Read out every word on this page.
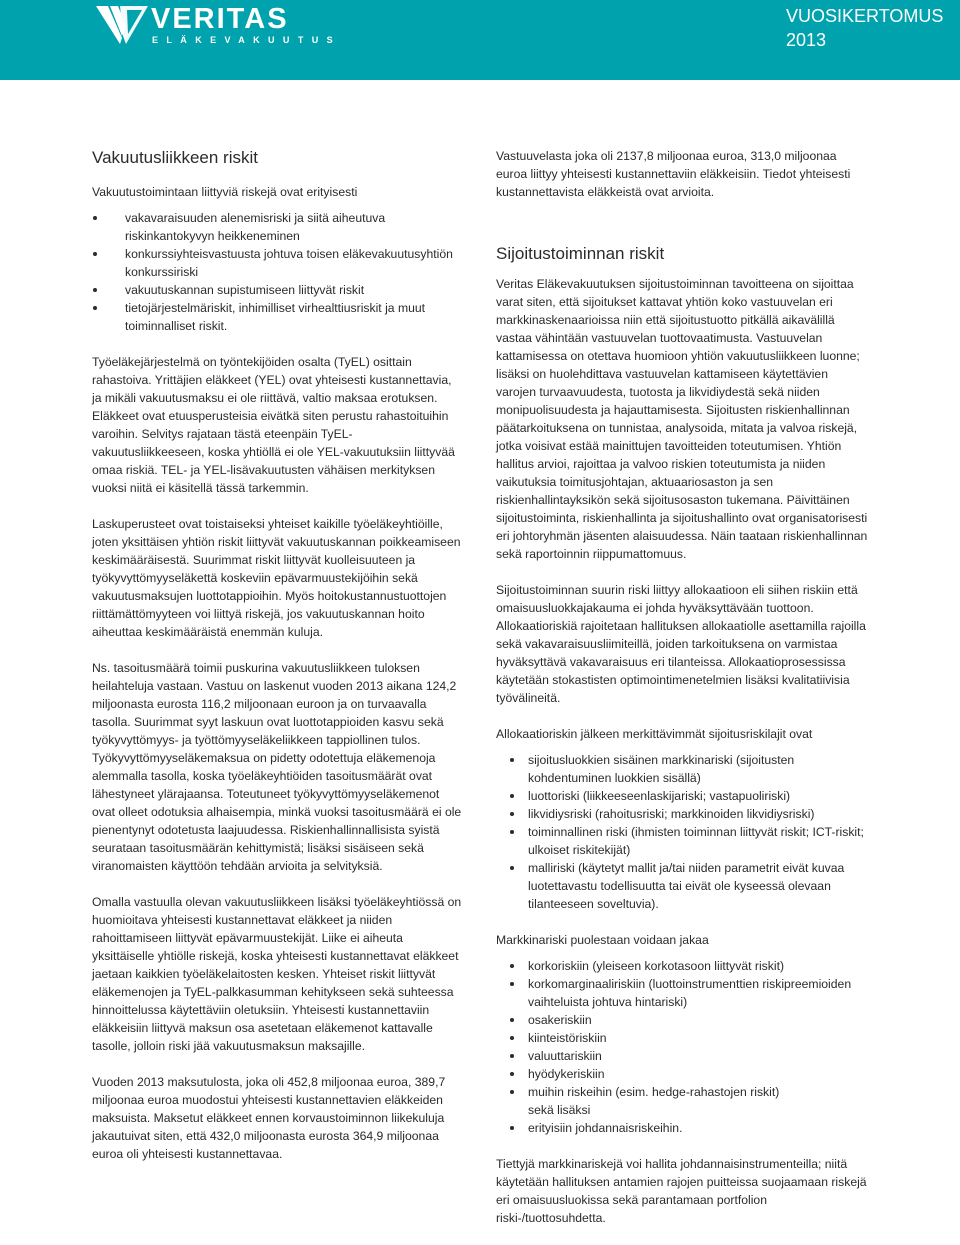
VERITAS
ELÄKEVAKUUTUS
VUOSIKERTOMUS 2013
Vakuutusliikkeen riskit

Vakuutustoimintaan liittyviä riskejä ovat erityisesti

vakavaraisuuden alenemisriski ja siitä aiheutuva riskinkantokyvyn heikkeneminen
konkurssiyhteisvastuusta johtuva toisen eläkevakuutusyhtiön konkurssiriski
vakuutuskannan supistumiseen liittyvät riskit
tietojärjestelmäriskit, inhimilliset virhealttiusriskit ja muut toiminnalliset riskit.

Työeläkejärjestelmä on työntekijöiden osalta (TyEL) osittain rahastoiva. Yrittäjien eläkkeet (YEL) ovat yhteisesti kustannettavia, ja mikäli vakuutusmaksu ei ole riittävä, valtio maksaa erotuksen. Eläkkeet ovat etuusperusteisia eivätkä siten perustu rahastoituihin varoihin. Selvitys rajataan tästä eteenpäin TyEL-vakuutusliikkeeseen, koska yhtiöllä ei ole YEL-vakuutuksiin liittyvää omaa riskiä. TEL- ja YEL-lisävakuutusten vähäisen merkityksen vuoksi niitä ei käsitellä tässä tarkemmin.

Laskuperusteet ovat toistaiseksi yhteiset kaikille työeläkeyhtiöille, joten yksittäisen yhtiön riskit liittyvät vakuutuskannan poikkeamiseen keskimääräisestä. Suurimmat riskit liittyvät kuolleisuuteen ja työkyvyttömyyseläkettä koskeviin epävarmuustekijöihin sekä vakuutusmaksujen luottotappioihin. Myös hoitokustannustuottojen riittämättömyyteen voi liittyä riskejä, jos vakuutuskannan hoito aiheuttaa keskimääräistä enemmän kuluja.

Ns. tasoitusmäärä toimii puskurina vakuutusliikkeen tuloksen heilahteluja vastaan. Vastuu on laskenut vuoden 2013 aikana 124,2 miljoonasta eurosta 116,2 miljoonaan euroon ja on turvaavalla tasolla. Suurimmat syyt laskuun ovat luottotappioiden kasvu sekä työkyvyttömyys- ja työttömyyseläkeliikkeen tappiollinen tulos. Työkyvyttömyyseläkemaksua on pidetty odotettuja eläkemenoja alemmalla tasolla, koska työeläkeyhtiöiden tasoitusmäärät ovat lähestyneet ylärajaansa. Toteutuneet työkyvyttömyyseläkemenot ovat olleet odotuksia alhaisempia, minkä vuoksi tasoitusmäärä ei ole pienentynyt odotetusta laajuudessa. Riskienhallinnallisista syistä seurataan tasoitusmäärän kehittymistä; lisäksi sisäiseen sekä viranomaisten käyttöön tehdään arvioita ja selvityksiä.

Omalla vastuulla olevan vakuutusliikkeen lisäksi työeläkeyhtiössä on huomioitava yhteisesti kustannettavat eläkkeet ja niiden rahoittamiseen liittyvät epävarmuustekijät. Liike ei aiheuta yksittäiselle yhtiölle riskejä, koska yhteisesti kustannettavat eläkkeet jaetaan kaikkien työeläkelaitosten kesken. Yhteiset riskit liittyvät eläkemenojen ja TyEL-palkkasumman kehitykseen sekä suhteessa hinnoittelussa käytettäviin oletuksiin. Yhteisesti kustannettaviin eläkkeisiin liittyvä maksun osa asetetaan eläkemenot kattavalle tasolle, jolloin riski jää vakuutusmaksun maksajille.

Vuoden 2013 maksutulosta, joka oli 452,8 miljoonaa euroa, 389,7 miljoonaa euroa muodostui yhteisesti kustannettavien eläkkeiden maksuista. Maksetut eläkkeet ennen korvaustoiminnon liikekuluja jakautuivat siten, että 432,0 miljoonasta eurosta 364,9 miljoonaa euroa oli yhteisesti kustannettavaa.

Vastuuvelasta joka oli 2137,8 miljoonaa euroa, 313,0 miljoonaa euroa liittyy yhteisesti kustannettaviin eläkkeisiin. Tiedot yhteisesti kustannettavista eläkkeistä ovat arvioita.

Sijoitustoiminnan riskit

Veritas Eläkevakuutuksen sijoitustoiminnan tavoitteena on sijoittaa varat siten, että sijoitukset kattavat yhtiön koko vastuuvelan eri markkinaskenaarioissa niin että sijoitustuotto pitkällä aikavälillä vastaa vähintään vastuuvelan tuottovaatimusta. Vastuuvelan kattamisessa on otettava huomioon yhtiön vakuutusliikkeen luonne; lisäksi on huolehdittava vastuuvelan kattamiseen käytettävien varojen turvaavuudesta, tuotosta ja likvidiydestä sekä niiden monipuolisuudesta ja hajauttamisesta. Sijoitusten riskienhallinnan päätarkoituksena on tunnistaa, analysoida, mitata ja valvoa riskejä, jotka voisivat estää mainittujen tavoitteiden toteutumisen. Yhtiön hallitus arvioi, rajoittaa ja valvoo riskien toteutumista ja niiden vaikutuksia toimitusjohtajan, aktuaariosaston ja sen riskienhallintayksikön sekä sijoitusosaston tukemana. Päivittäinen sijoitustoiminta, riskienhallinta ja sijoitushallinto ovat organisatorisesti eri johtoryhmän jäsenten alaisuudessa. Näin taataan riskienhallinnan sekä raportoinnin riippumattomuus.

Sijoitustoiminnan suurin riski liittyy allokaatioon eli siihen riskiin että omaisuusluokkajakauma ei johda hyväksyttävään tuottoon. Allokaatioriskiä rajoitetaan hallituksen allokaatiolle asettamilla rajoilla sekä vakavaraisuusliimiteillä, joiden tarkoituksena on varmistaa hyväksyttävä vakavaraisuus eri tilanteissa. Allokaatioprosessissa käytetään stokastisten optimointimenetelmien lisäksi kvalitatiivisia työvälineitä.

Allokaatioriskin jälkeen merkittävimmät sijoitusriskilajit ovat

sijoitusluokkien sisäinen markkinariski (sijoitusten kohdentuminen luokkien sisällä)
luottoriski (liikkeeseenlaskijariski; vastapuoliriski)
likvidiysriski (rahoitusriski; markkinoiden likvidiysriski)
toiminnallinen riski (ihmisten toiminnan liittyvät riskit; ICT-riskit; ulkoiset riskitekijät)
malliriski (käytetyt mallit ja/tai niiden parametrit eivät kuvaa luotettavastu todellisuutta tai eivät ole kyseessä olevaan tilanteeseen soveltuvia).

Markkinariski puolestaan voidaan jakaa

korkoriskiin (yleiseen korkotasoon liittyvät riskit)
korkomarginaaliriskiin (luottoinstrumenttien riskipreemioiden vaihteluista johtuva hintariski)
osakeriskiin
kiinteistöriskiin
valuuttariskiin
hyödykeriskiin
muihin riskeihin (esim. hedge-rahastojen riskit)
sekä lisäksi
erityisiin johdannaisriskeihin.

Tiettyjä markkinariskejä voi hallita johdannaisinstrumenteilla; niitä käytetään hallituksen antamien rajojen puitteissa suojaamaan riskejä eri omaisuusluokissa sekä parantamaan portfolion riski-/tuottosuhdetta.
